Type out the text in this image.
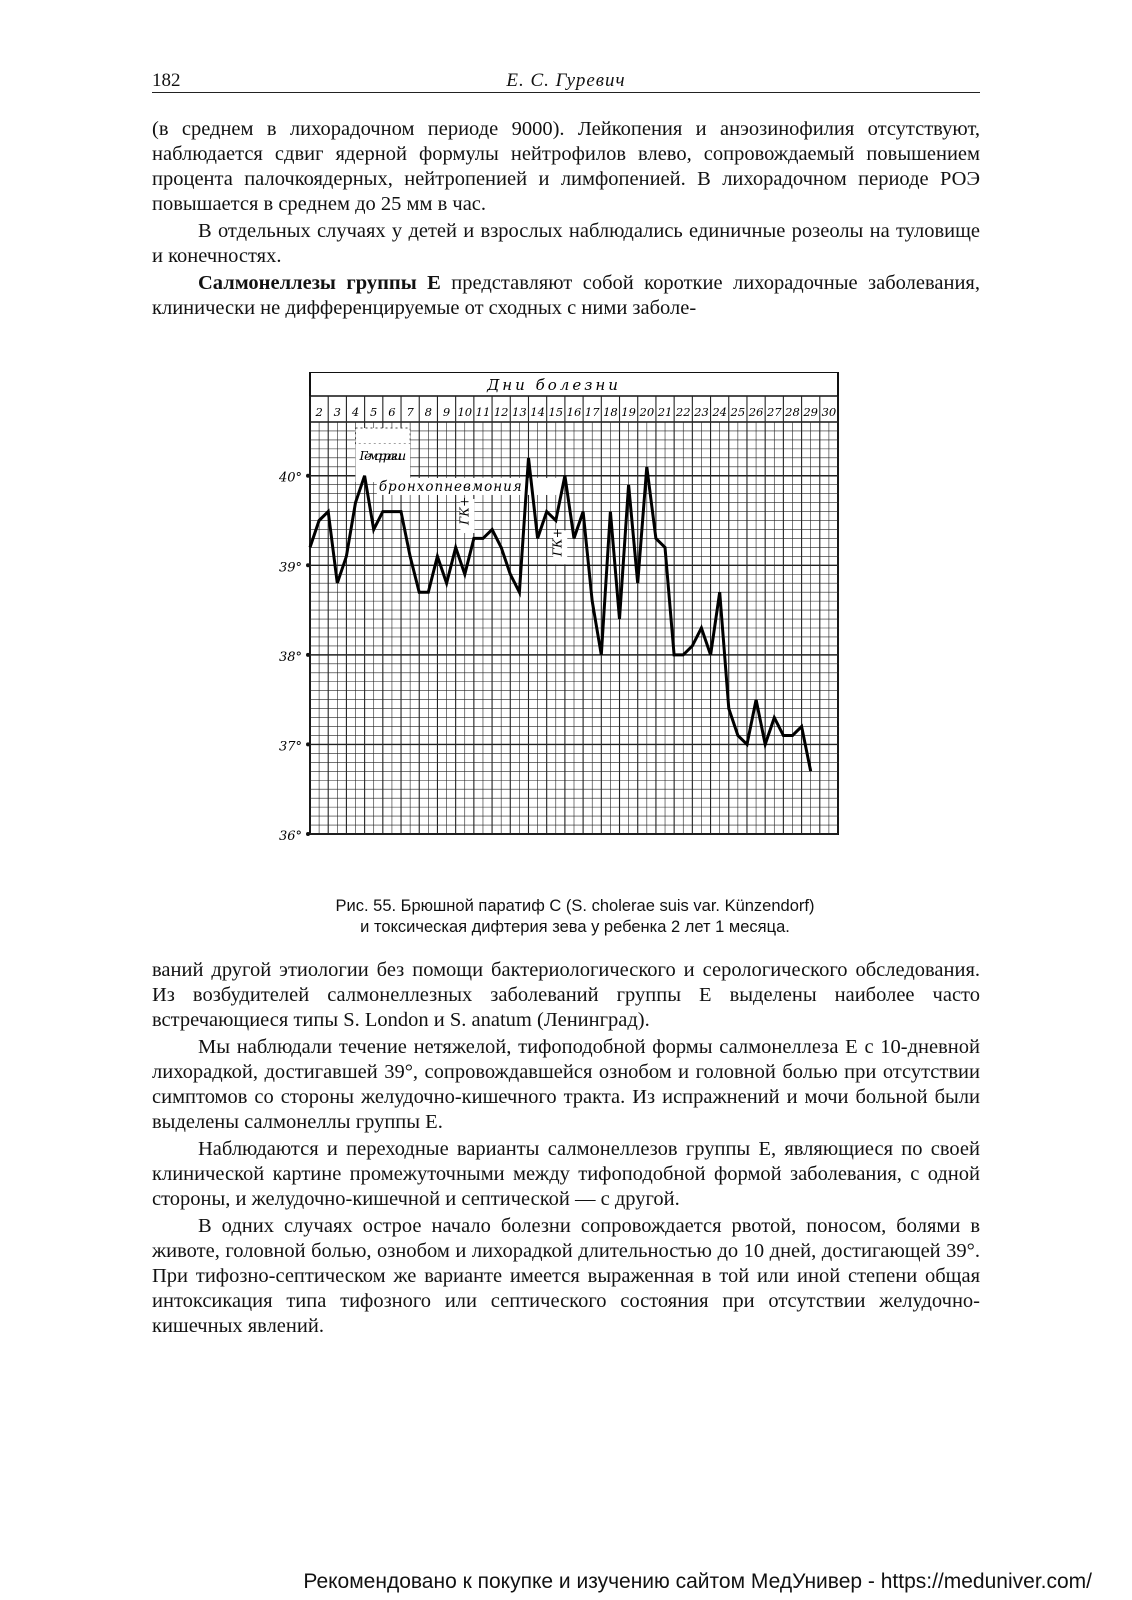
182	Е. С. Гуревич

(в среднем в лихорадочном периоде 9000). Лейкопения и анэозинофилия отсутствуют, наблюдается сдвиг ядерной формулы нейтрофилов влево, сопровождаемый повышением процента палочкоядерных, нейтропенией и лимфопенией. В лихорадочном периоде РОЭ повышается в среднем до 25 мм в час.

В отдельных случаях у детей и взрослых наблюдались единичные розеолы на туловище и конечностях.

Салмонеллезы группы Е представляют собой короткие лихорадочные заболевания, клинически не дифференцируемые от сходных с ними заболе-

Дни болезни
2 3 4 5 6 7 8 9 10 11 12 13 14 15 16 17 18 19 20 21 22 23 24 25 26 27 28 29 30
40°
39°
38°
37°
36°
Геморрагии
бронхопневмония
ГК+
ГК+
Рис. 55. Брюшной паратиф С (S. cholerae suis var. Künzendorf)
и токсическая дифтерия зева у ребенка 2 лет 1 месяца.

ваний другой этиологии без помощи бактериологического и серологического обследования. Из возбудителей салмонеллезных заболеваний группы Е выделены наиболее часто встречающиеся типы S. London и S. anatum (Ленинград).

Мы наблюдали течение нетяжелой, тифоподобной формы салмонеллеза Е с 10-дневной лихорадкой, достигавшей 39°, сопровождавшейся ознобом и головной болью при отсутствии симптомов со стороны желудочно-кишечного тракта. Из испражнений и мочи больной были выделены салмонеллы группы Е.

Наблюдаются и переходные варианты салмонеллезов группы Е, являющиеся по своей клинической картине промежуточными между тифоподобной формой заболевания, с одной стороны, и желудочно-кишечной и септической — с другой.

В одних случаях острое начало болезни сопровождается рвотой, поносом, болями в животе, головной болью, ознобом и лихорадкой длительностью до 10 дней, достигающей 39°. При тифозно-септическом же варианте имеется выраженная в той или иной степени общая интоксикация типа тифозного или септического состояния при отсутствии желудочно-кишечных явлений.

Рекомендовано к покупке и изучению сайтом МедУнивер - https://meduniver.com/
